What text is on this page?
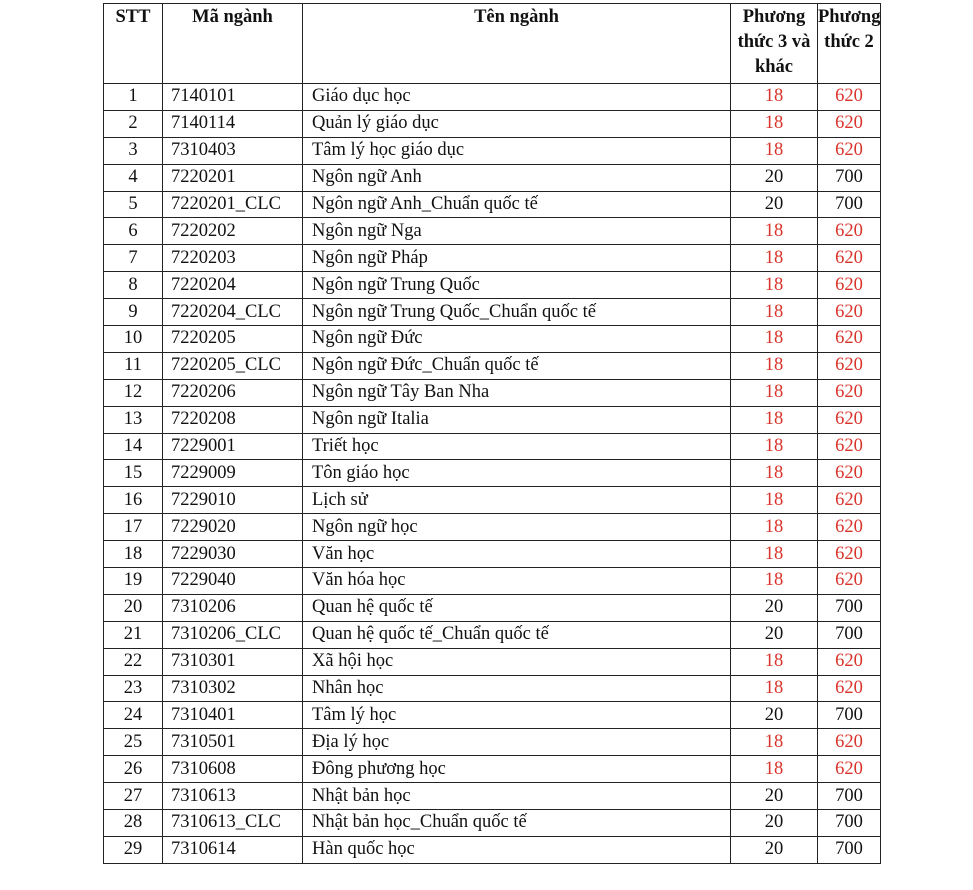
STT	Mã ngành	Tên ngành	Phương thức 3 và khác	Phương thức 2

1	7140101	Giáo dục học	18	620
2	7140114	Quản lý giáo dục	18	620
3	7310403	Tâm lý học giáo dục	18	620
4	7220201	Ngôn ngữ Anh	20	700
5	7220201_CLC	Ngôn ngữ Anh_Chuẩn quốc tế	20	700
6	7220202	Ngôn ngữ Nga	18	620
7	7220203	Ngôn ngữ Pháp	18	620
8	7220204	Ngôn ngữ Trung Quốc	18	620
9	7220204_CLC	Ngôn ngữ Trung Quốc_Chuẩn quốc tế	18	620
10	7220205	Ngôn ngữ Đức	18	620
11	7220205_CLC	Ngôn ngữ Đức_Chuẩn quốc tế	18	620
12	7220206	Ngôn ngữ Tây Ban Nha	18	620
13	7220208	Ngôn ngữ Italia	18	620
14	7229001	Triết học	18	620
15	7229009	Tôn giáo học	18	620
16	7229010	Lịch sử	18	620
17	7229020	Ngôn ngữ học	18	620
18	7229030	Văn học	18	620
19	7229040	Văn hóa học	18	620
20	7310206	Quan hệ quốc tế	20	700
21	7310206_CLC	Quan hệ quốc tế_Chuẩn quốc tế	20	700
22	7310301	Xã hội học	18	620
23	7310302	Nhân học	18	620
24	7310401	Tâm lý học	20	700
25	7310501	Địa lý học	18	620
26	7310608	Đông phương học	18	620
27	7310613	Nhật bản học	20	700
28	7310613_CLC	Nhật bản học_Chuẩn quốc tế	20	700
29	7310614	Hàn quốc học	20	700
